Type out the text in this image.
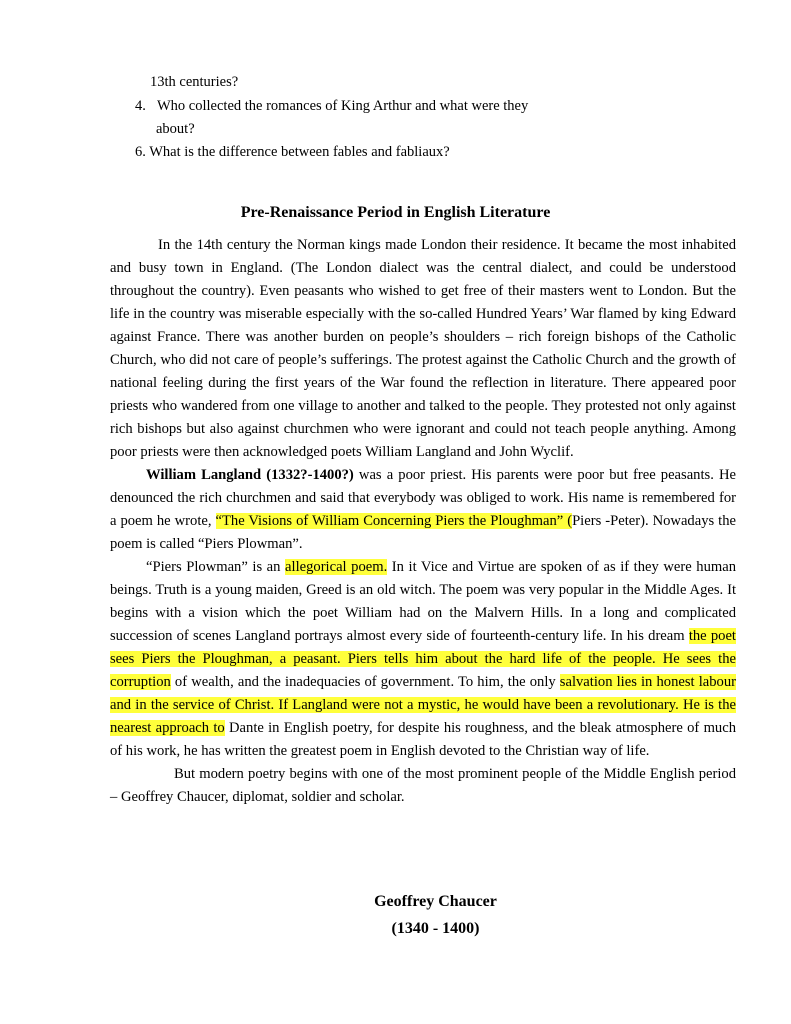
13th centuries?
4. Who collected the romances of King Arthur and what were they
about?
6. What is the difference between fables and fabliaux?
Pre-Renaissance Period in English Literature

In the 14th century the Norman kings made London their residence. It became the most inhabited and busy town in England. (The London dialect was the central dialect, and could be understood throughout the country). Even peasants who wished to get free of their masters went to London. But the life in the country was miserable especially with the so-called Hundred Years’ War flamed by king Edward against France. There was another burden on people’s shoulders – rich foreign bishops of the Catholic Church, who did not care of people’s sufferings. The protest against the Catholic Church and the growth of national feeling during the first years of the War found the reflection in literature. There appeared poor priests who wandered from one village to another and talked to the people. They protested not only against rich bishops but also against churchmen who were ignorant and could not teach people anything. Among poor priests were then acknowledged poets William Langland and John Wyclif.

William Langland (1332?-1400?) was a poor priest. His parents were poor but free peasants. He denounced the rich churchmen and said that everybody was obliged to work. His name is remembered for a poem he wrote, “The Visions of William Concerning Piers the Ploughman” (Piers -Peter). Nowadays the poem is called “Piers Plowman”.

“Piers Plowman” is an allegorical poem. In it Vice and Virtue are spoken of as if they were human beings. Truth is a young maiden, Greed is an old witch. The poem was very popular in the Middle Ages. It begins with a vision which the poet William had on the Malvern Hills. In a long and complicated succession of scenes Langland portrays almost every side of fourteenth-century life. In his dream the poet sees Piers the Ploughman, a peasant. Piers tells him about the hard life of the people. He sees the corruption of wealth, and the inadequacies of government. To him, the only salvation lies in honest labour and in the service of Christ. If Langland were not a mystic, he would have been a revolutionary. He is the nearest approach to Dante in English poetry, for despite his roughness, and the bleak atmosphere of much of his work, he has written the greatest poem in English devoted to the Christian way of life.

But modern poetry begins with one of the most prominent people of the Middle English period – Geoffrey Chaucer, diplomat, soldier and scholar.

Geoffrey Chaucer
(1340 - 1400)
